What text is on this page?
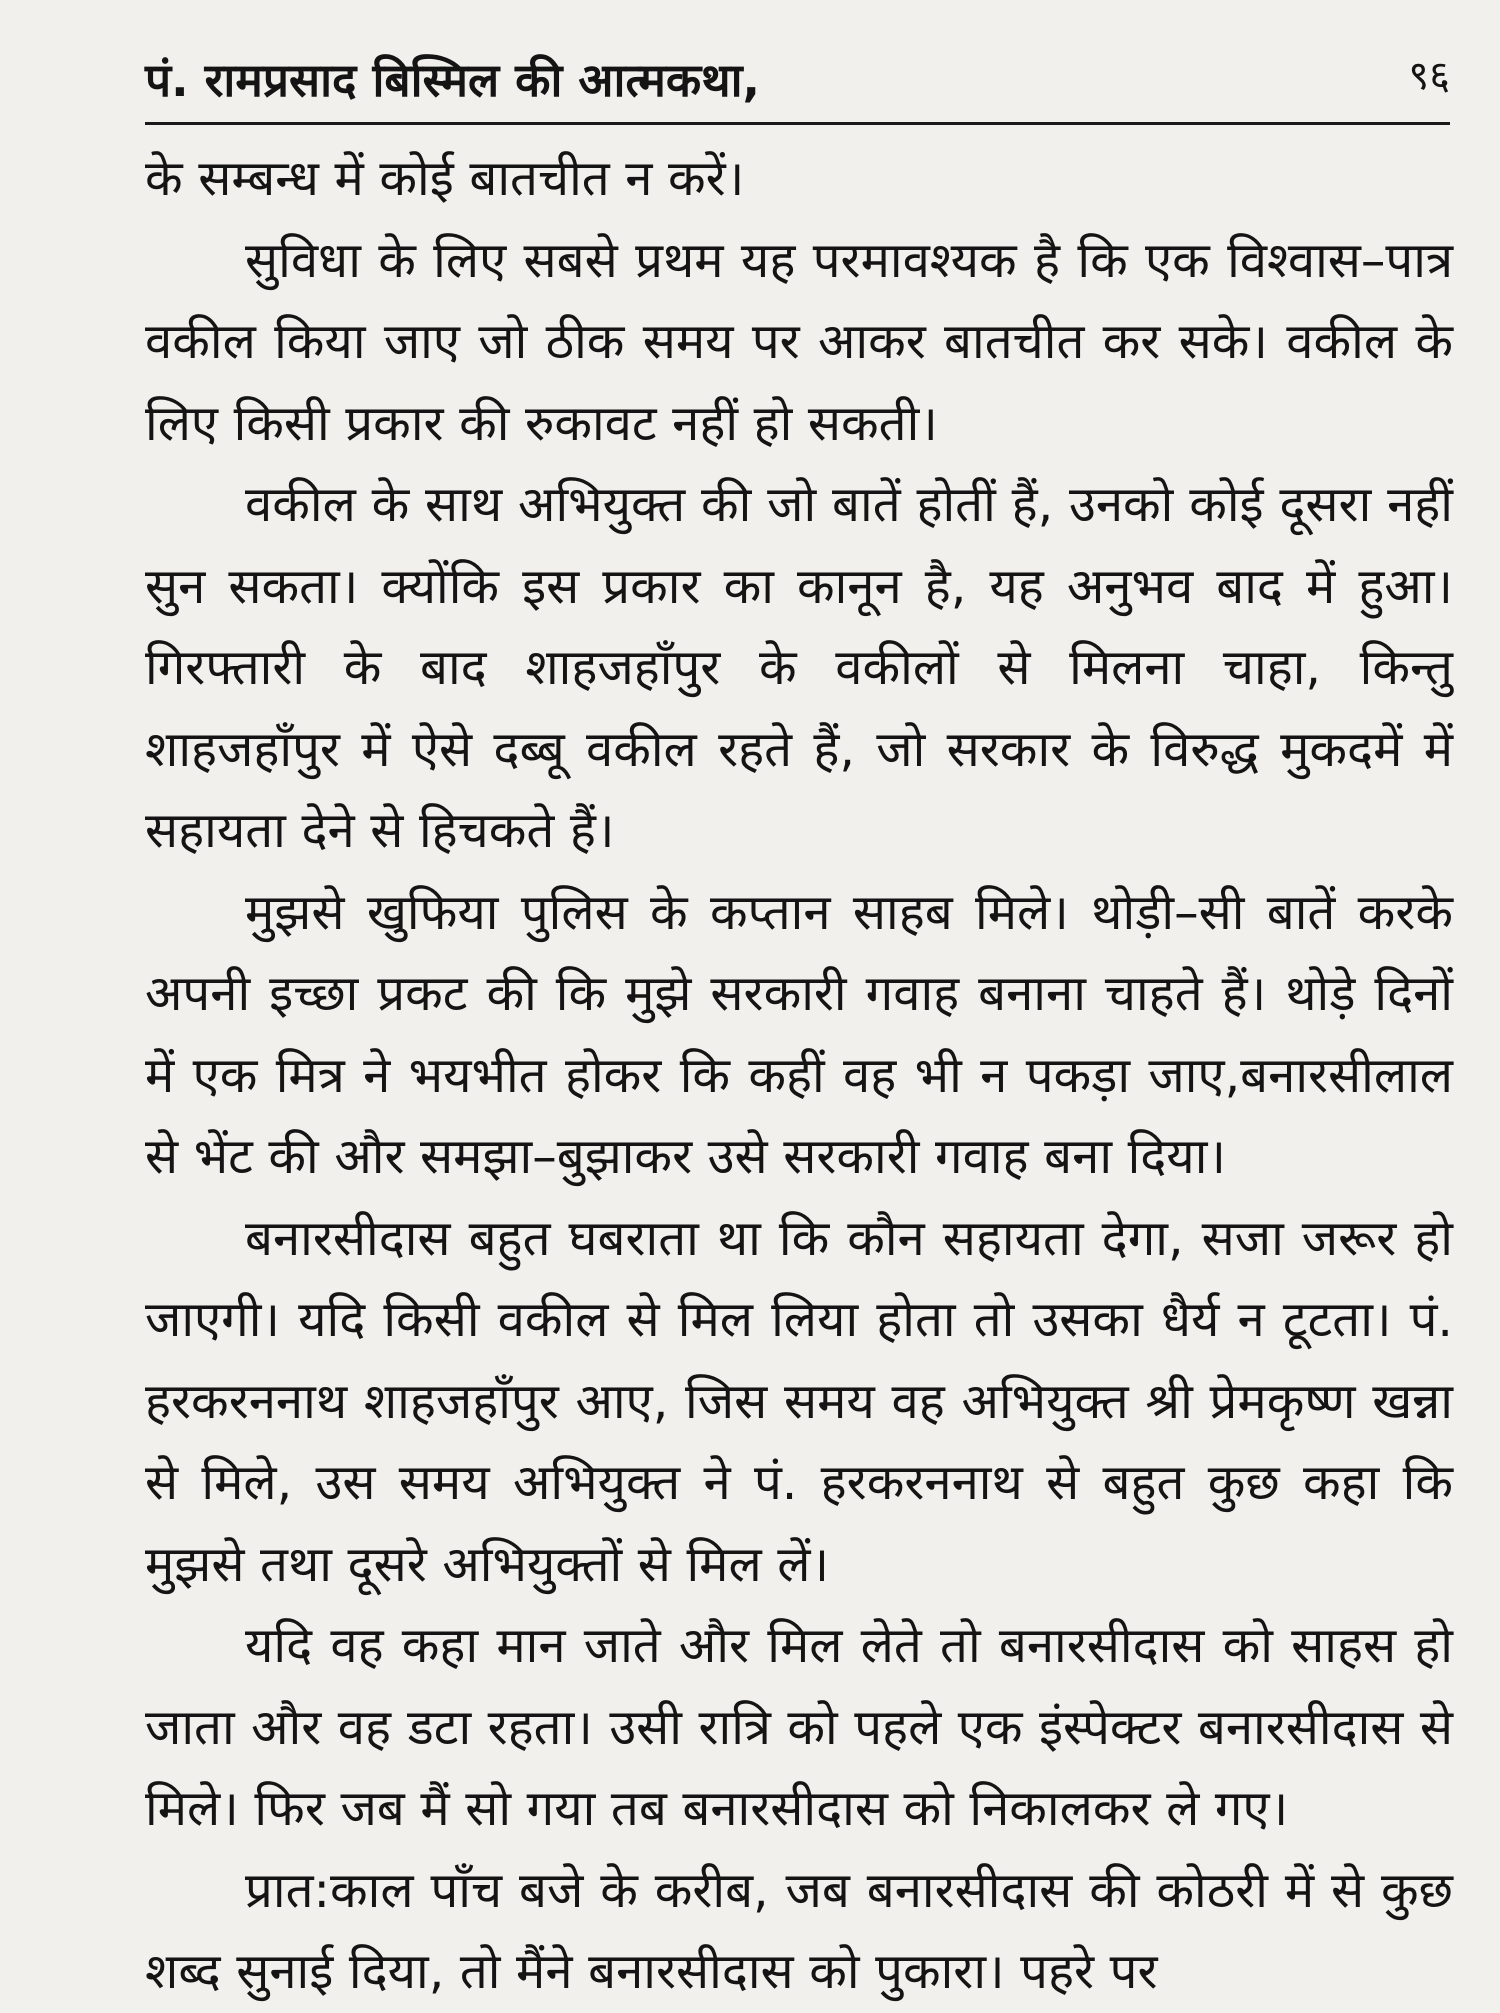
पं. रामप्रसाद बिस्मिल की आत्मकथा,	९६

के सम्बन्ध में कोई बातचीत न करें।

सुविधा के लिए सबसे प्रथम यह परमावश्यक है कि एक विश्वास–पात्र वकील किया जाए जो ठीक समय पर आकर बातचीत कर सके। वकील के लिए किसी प्रकार की रुकावट नहीं हो सकती।

वकील के साथ अभियुक्त की जो बातें होतीं हैं, उनको कोई दूसरा नहीं सुन सकता। क्योंकि इस प्रकार का कानून है, यह अनुभव बाद में हुआ। गिरफ्तारी के बाद शाहजहाँपुर के वकीलों से मिलना चाहा, किन्तु शाहजहाँपुर में ऐसे दब्बू वकील रहते हैं, जो सरकार के विरुद्ध मुकदमें में सहायता देने से हिचकते हैं।

मुझसे खुफिया पुलिस के कप्तान साहब मिले। थोड़ी–सी बातें करके अपनी इच्छा प्रकट की कि मुझे सरकारी गवाह बनाना चाहते हैं। थोड़े दिनों में एक मित्र ने भयभीत होकर कि कहीं वह भी न पकड़ा जाए,बनारसीलाल से भेंट की और समझा–बुझाकर उसे सरकारी गवाह बना दिया।

बनारसीदास बहुत घबराता था कि कौन सहायता देगा, सजा जरूर हो जाएगी। यदि किसी वकील से मिल लिया होता तो उसका धैर्य न टूटता। पं. हरकरननाथ शाहजहाँपुर आए, जिस समय वह अभियुक्त श्री प्रेमकृष्ण खन्ना से मिले, उस समय अभियुक्त ने पं. हरकरननाथ से बहुत कुछ कहा कि मुझसे तथा दूसरे अभियुक्तों से मिल लें।

यदि वह कहा मान जाते और मिल लेते तो बनारसीदास को साहस हो जाता और वह डटा रहता। उसी रात्रि को पहले एक इंस्पेक्टर बनारसीदास से मिले। फिर जब मैं सो गया तब बनारसीदास को निकालकर ले गए।

प्रात:काल पाँच बजे के करीब, जब बनारसीदास की कोठरी में से कुछ शब्द सुनाई दिया, तो मैंने बनारसीदास को पुकारा। पहरे पर
